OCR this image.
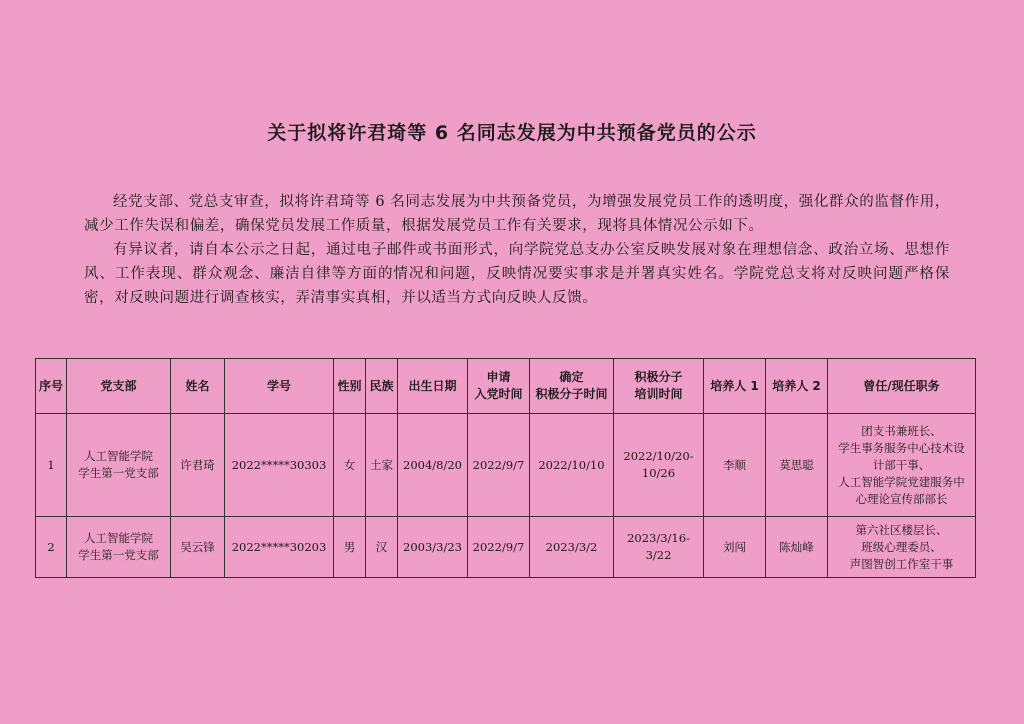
关于拟将许君琦等 6 名同志发展为中共预备党员的公示

经党支部、党总支审查，拟将许君琦等 6 名同志发展为中共预备党员，为增强发展党员工作的透明度，强化群众的监督作用，减少工作失误和偏差，确保党员发展工作质量，根据发展党员工作有关要求，现将具体情况公示如下。

有异议者，请自本公示之日起，通过电子邮件或书面形式，向学院党总支办公室反映发展对象在理想信念、政治立场、思想作风、工作表现、群众观念、廉洁自律等方面的情况和问题，反映情况要实事求是并署真实姓名。学院党总支将对反映问题严格保密，对反映问题进行调查核实，弄清事实真相，并以适当方式向反映人反馈。

序号	党支部	姓名	学号	性别	民族	出生日期	申请
入党时间	确定
积极分子时间	积极分子
培训时间	培养人 1	培养人 2	曾任/现任职务
1	人工智能学院
学生第一党支部	许君琦	2022*****30303	女	土家	2004/8/20	2022/9/7	2022/10/10	2022/10/20-
10/26	李顺	莫思聪	团支书兼班长、
学生事务服务中心技术设
计部干事、
人工智能学院党建服务中
心理论宣传部部长

2	人工智能学院
学生第一党支部	吴云锋	2022*****30203	男	汉	2003/3/23	2022/9/7	2023/3/2	2023/3/16-
3/22	刘闯	陈灿峰	第六社区楼层长、
班级心理委员、
声图智创工作室干事
